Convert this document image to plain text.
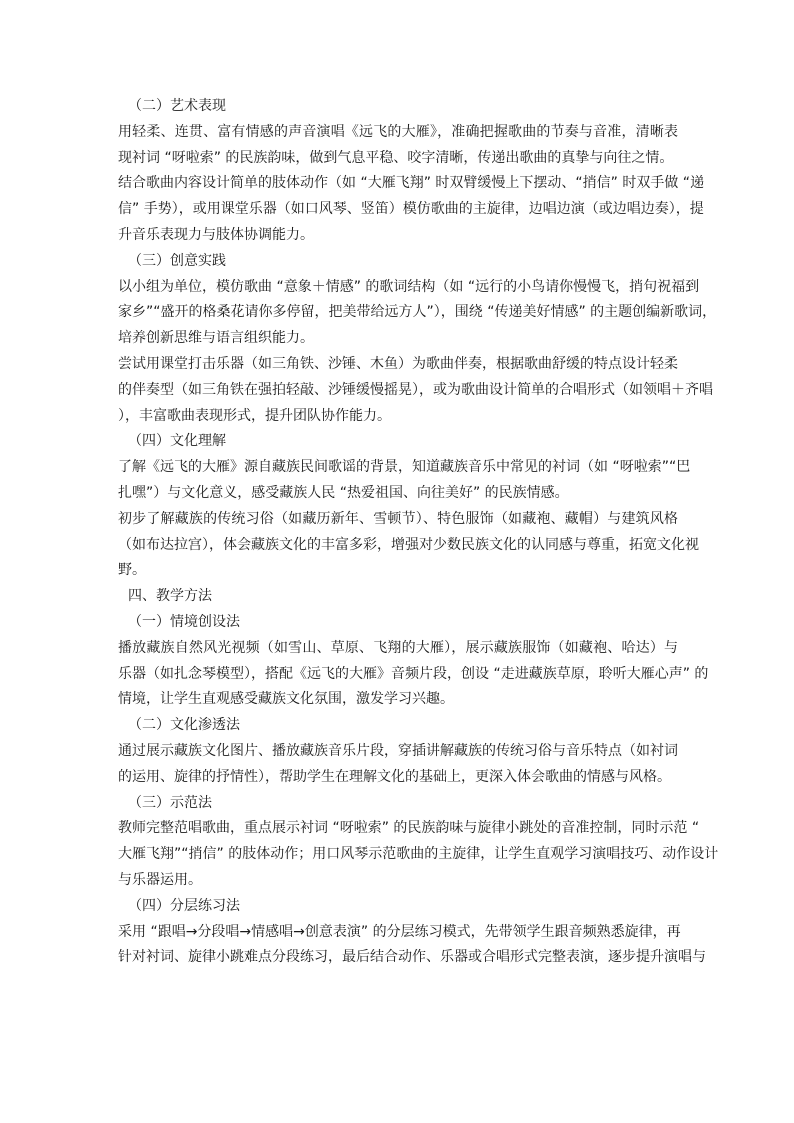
（二）艺术表现
用轻柔、连贯、富有情感的声音演唱《远飞的大雁》，准确把握歌曲的节奏与音准，清晰表
现衬词 “呀啦索” 的民族韵味，做到气息平稳、咬字清晰，传递出歌曲的真挚与向往之情。
结合歌曲内容设计简单的肢体动作（如 “大雁飞翔” 时双臂缓慢上下摆动、“捎信” 时双手做 “递
信” 手势），或用课堂乐器（如口风琴、竖笛）模仿歌曲的主旋律，边唱边演（或边唱边奏），提
升音乐表现力与肢体协调能力。
（三）创意实践
以小组为单位，模仿歌曲 “意象＋情感” 的歌词结构（如 “远行的小鸟请你慢慢飞，捎句祝福到
家乡”“盛开的格桑花请你多停留，把美带给远方人”），围绕 “传递美好情感” 的主题创编新歌词，
培养创新思维与语言组织能力。
尝试用课堂打击乐器（如三角铁、沙锤、木鱼）为歌曲伴奏，根据歌曲舒缓的特点设计轻柔
的伴奏型（如三角铁在强拍轻敲、沙锤缓慢摇晃），或为歌曲设计简单的合唱形式（如领唱＋齐唱
），丰富歌曲表现形式，提升团队协作能力。
（四）文化理解
了解《远飞的大雁》源自藏族民间歌谣的背景，知道藏族音乐中常见的衬词（如 “呀啦索”“巴
扎嘿”）与文化意义，感受藏族人民 “热爱祖国、向往美好” 的民族情感。
初步了解藏族的传统习俗（如藏历新年、雪顿节）、特色服饰（如藏袍、藏帽）与建筑风格
（如布达拉宫），体会藏族文化的丰富多彩，增强对少数民族文化的认同感与尊重，拓宽文化视
野。
四、教学方法
（一）情境创设法
播放藏族自然风光视频（如雪山、草原、飞翔的大雁），展示藏族服饰（如藏袍、哈达）与
乐器（如扎念琴模型），搭配《远飞的大雁》音频片段，创设 “走进藏族草原，聆听大雁心声” 的
情境，让学生直观感受藏族文化氛围，激发学习兴趣。
（二）文化渗透法
通过展示藏族文化图片、播放藏族音乐片段，穿插讲解藏族的传统习俗与音乐特点（如衬词
的运用、旋律的抒情性），帮助学生在理解文化的基础上，更深入体会歌曲的情感与风格。
（三）示范法
教师完整范唱歌曲，重点展示衬词 “呀啦索” 的民族韵味与旋律小跳处的音准控制，同时示范 “
大雁飞翔”“捎信” 的肢体动作；用口风琴示范歌曲的主旋律，让学生直观学习演唱技巧、动作设计
与乐器运用。
（四）分层练习法
采用 “跟唱→分段唱→情感唱→创意表演” 的分层练习模式，先带领学生跟音频熟悉旋律，再
针对衬词、旋律小跳难点分段练习，最后结合动作、乐器或合唱形式完整表演，逐步提升演唱与
